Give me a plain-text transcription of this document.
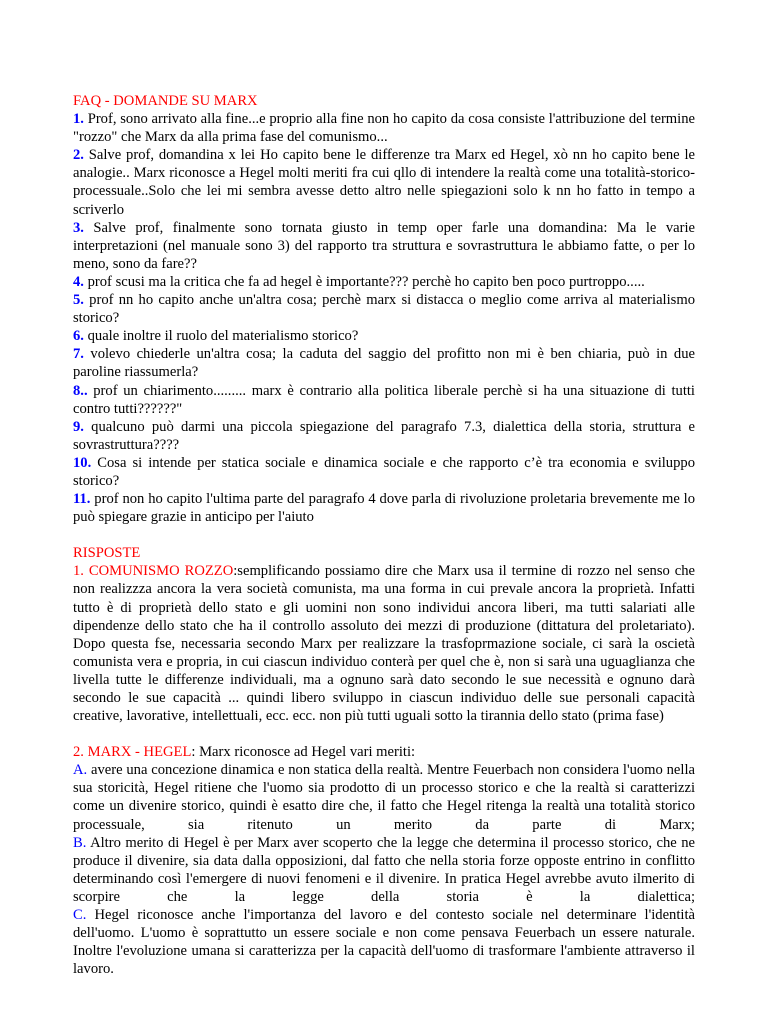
FAQ - DOMANDE SU MARX
1. Prof, sono arrivato alla fine...e proprio alla fine non ho capito da cosa consiste l'attribuzione del termine "rozzo" che Marx da alla prima fase del comunismo...
2. Salve prof, domandina x lei Ho capito bene le differenze tra Marx ed Hegel, xò nn ho capito bene le analogie.. Marx riconosce a Hegel molti meriti fra cui qllo di intendere la realtà come una totalità-storico-processuale..Solo che lei mi sembra avesse detto altro nelle spiegazioni solo k nn ho fatto in tempo a scriverlo
3. Salve prof, finalmente sono tornata giusto in temp oper farle una domandina: Ma le varie interpretazioni (nel manuale sono 3) del rapporto tra struttura e sovrastruttura le abbiamo fatte, o per lo meno, sono da fare??
4. prof scusi ma la critica che fa ad hegel è importante??? perchè ho capito ben poco purtroppo.....
5. prof nn ho capito anche un'altra cosa; perchè marx si distacca o meglio come arriva al materialismo storico?
6. quale inoltre il ruolo del materialismo storico?
7. volevo chiederle un'altra cosa; la caduta del saggio del profitto non mi è ben chiaria, può in due paroline riassumerla?
8.. prof un chiarimento......... marx è contrario alla politica liberale perchè si ha una situazione di tutti contro tutti??????"
9. qualcuno può darmi una piccola spiegazione del paragrafo 7.3, dialettica della storia, struttura e sovrastruttura????
10. Cosa si intende per statica sociale e dinamica sociale e che rapporto c’è tra economia e sviluppo storico?
11. prof non ho capito l'ultima parte del paragrafo 4 dove parla di rivoluzione proletaria brevemente me lo può spiegare grazie in anticipo per l'aiuto
RISPOSTE
1. COMUNISMO ROZZO:semplificando possiamo dire che Marx usa il termine di rozzo nel senso che non realizzza ancora la vera società comunista, ma una forma in cui prevale ancora la proprietà. Infatti tutto è di proprietà dello stato e gli uomini non sono individui ancora liberi, ma tutti salariati alle dipendenze dello stato che ha il controllo assoluto dei mezzi di produzione (dittatura del proletariato). Dopo questa fse, necessaria secondo Marx per realizzare la trasfoprmazione sociale, ci sarà la oscietà comunista vera e propria, in cui ciascun individuo conterà per quel che è, non si sarà una uguaglianza che livella tutte le differenze individuali, ma a ognuno sarà dato secondo le sue necessità e ognuno darà secondo le sue capacità ... quindi libero sviluppo in ciascun individuo delle sue personali capacità creative, lavorative, intellettuali, ecc. ecc. non più tutti uguali sotto la tirannia dello stato (prima fase)
2. MARX - HEGEL: Marx riconosce ad Hegel vari meriti:
A. avere una concezione dinamica e non statica della realtà. Mentre Feuerbach non considera l'uomo nella sua storicità, Hegel ritiene che l'uomo sia prodotto di un processo storico e che la realtà si caratterizzi come un divenire storico, quindi è esatto dire che, il fatto che Hegel ritenga la realtà una totalità storico processuale, sia ritenuto un merito da parte di Marx;
B. Altro merito di Hegel è per Marx aver scoperto che la legge che determina il processo storico, che ne produce il divenire, sia data dalla opposizioni, dal fatto che nella storia forze opposte entrino in conflitto determinando così l'emergere di nuovi fenomeni e il divenire. In pratica Hegel avrebbe avuto ilmerito di scorpire che la legge della storia è la dialettica;
C. Hegel riconosce anche l'importanza del lavoro e del contesto sociale nel determinare l'identità dell'uomo. L'uomo è soprattutto un essere sociale e non come pensava Feuerbach un essere naturale. Inoltre l'evoluzione umana si caratterizza per la capacità dell'uomo di trasformare l'ambiente attraverso il lavoro.
